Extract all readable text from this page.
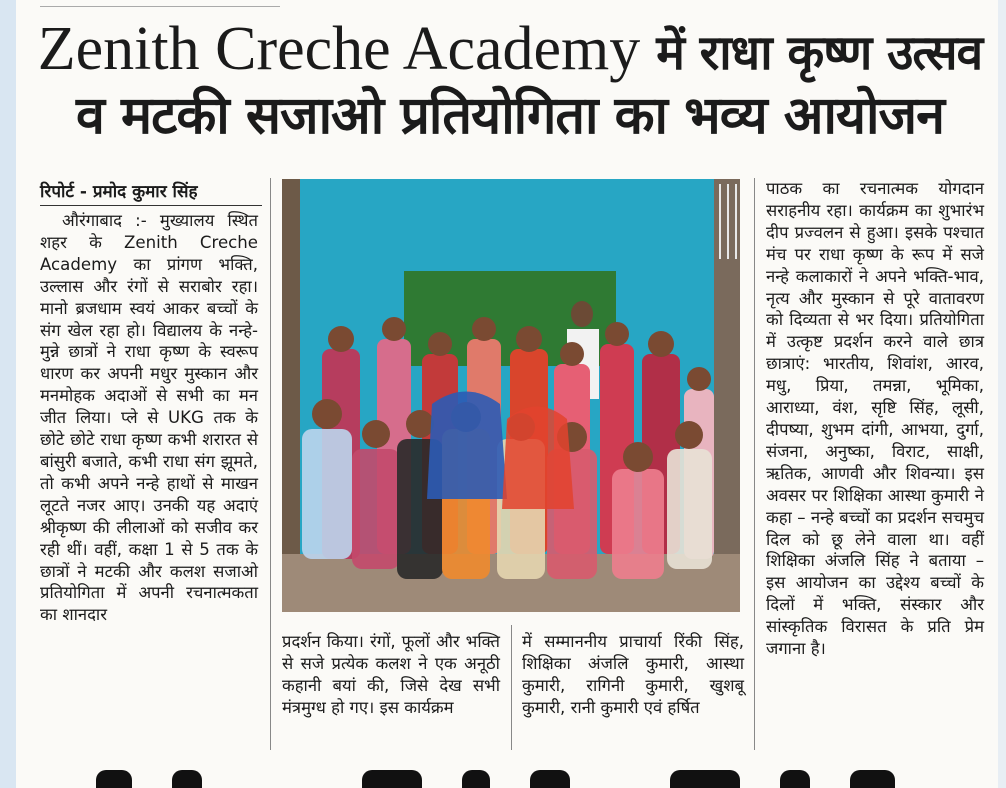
Zenith Creche Academy में राधा कृष्ण उत्सव
व मटकी सजाओ प्रतियोगिता का भव्य आयोजन
रिपोर्ट - प्रमोद कुमार सिंह

औरंगाबाद :- मुख्यालय स्थित शहर के Zenith Creche Academy का प्रांगण भक्ति, उल्लास और रंगों से सराबोर रहा। मानो ब्रजधाम स्वयं आकर बच्चों के संग खेल रहा हो। विद्यालय के नन्हे-मुन्ने छात्रों ने राधा कृष्ण के स्वरूप धारण कर अपनी मधुर मुस्कान और मनमोहक अदाओं से सभी का मन जीत लिया। प्ले से UKG तक के छोटे छोटे राधा कृष्ण कभी शरारत से बांसुरी बजाते, कभी राधा संग झूमते, तो कभी अपने नन्हे हाथों से माखन लूटते नजर आए। उनकी यह अदाएं श्रीकृष्ण की लीलाओं को सजीव कर रही थीं। वहीं, कक्षा 1 से 5 तक के छात्रों ने मटकी और कलश सजाओ प्रतियोगिता में अपनी रचनात्मकता का शानदार

प्रदर्शन किया। रंगों, फूलों और भक्ति से सजे प्रत्येक कलश ने एक अनूठी कहानी बयां की, जिसे देख सभी मंत्रमुग्ध हो गए। इस कार्यक्रम

में सम्माननीय प्राचार्या रिंकी सिंह, शिक्षिका अंजलि कुमारी, आस्था कुमारी, रागिनी कुमारी, खुशबू कुमारी, रानी कुमारी एवं हर्षित

पाठक का रचनात्मक योगदान सराहनीय रहा। कार्यक्रम का शुभारंभ दीप प्रज्वलन से हुआ। इसके पश्चात मंच पर राधा कृष्ण के रूप में सजे नन्हे कलाकारों ने अपने भक्ति-भाव, नृत्य और मुस्कान से पूरे वातावरण को दिव्यता से भर दिया। प्रतियोगिता में उत्कृष्ट प्रदर्शन करने वाले छात्र छात्राएं: भारतीय, शिवांश, आरव, मधु, प्रिया, तमन्ना, भूमिका, आराध्या, वंश, सृष्टि सिंह, लूसी, दीपष्या, शुभम दांगी, आभया, दुर्गा, संजना, अनुष्का, विराट, साक्षी, ऋतिक, आणवी और शिवन्या। इस अवसर पर शिक्षिका आस्था कुमारी ने कहा – नन्हे बच्चों का प्रदर्शन सचमुच दिल को छू लेने वाला था। वहीं शिक्षिका अंजलि सिंह ने बताया – इस आयोजन का उद्देश्य बच्चों के दिलों में भक्ति, संस्कार और सांस्कृतिक विरासत के प्रति प्रेम जगाना है।
